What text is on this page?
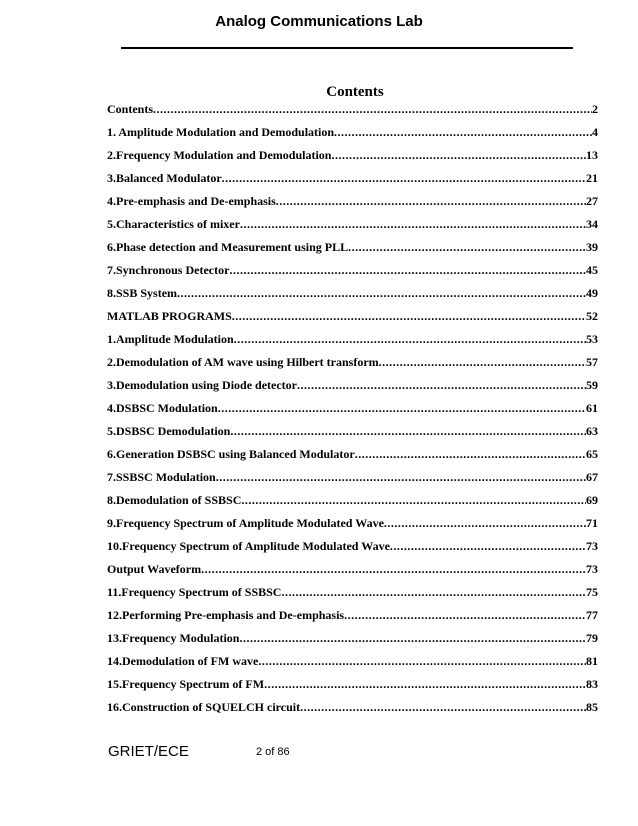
Analog Communications Lab
Contents
Contents .....	2
1. Amplitude Modulation and Demodulation .....	4
2.Frequency Modulation and Demodulation .....	13
3.Balanced Modulator .....	21
4.Pre-emphasis and De-emphasis .....	27
5.Characteristics of mixer .....	34
6.Phase detection and Measurement using PLL .....	39
7.Synchronous Detector .....	45
8.SSB System .....	49
MATLAB PROGRAMS .....	52
1.Amplitude Modulation .....	53
2.Demodulation of AM wave using Hilbert transform .....	57
3.Demodulation using Diode detector .....	59
4.DSBSC Modulation .....	61
5.DSBSC Demodulation .....	63
6.Generation DSBSC using Balanced Modulator .....	65
7.SSBSC Modulation .....	67
8.Demodulation of SSBSC .....	69
9.Frequency Spectrum of Amplitude Modulated Wave .....	71
10.Frequency Spectrum of Amplitude Modulated Wave .....	73
Output Waveform .....	73
11.Frequency Spectrum of SSBSC .....	75
12.Performing Pre-emphasis and De-emphasis .....	77
13.Frequency Modulation .....	79
14.Demodulation of FM wave .....	81
15.Frequency Spectrum of FM .....	83
16.Construction of SQUELCH circuit .....	85
GRIET/ECE	2 of 86
